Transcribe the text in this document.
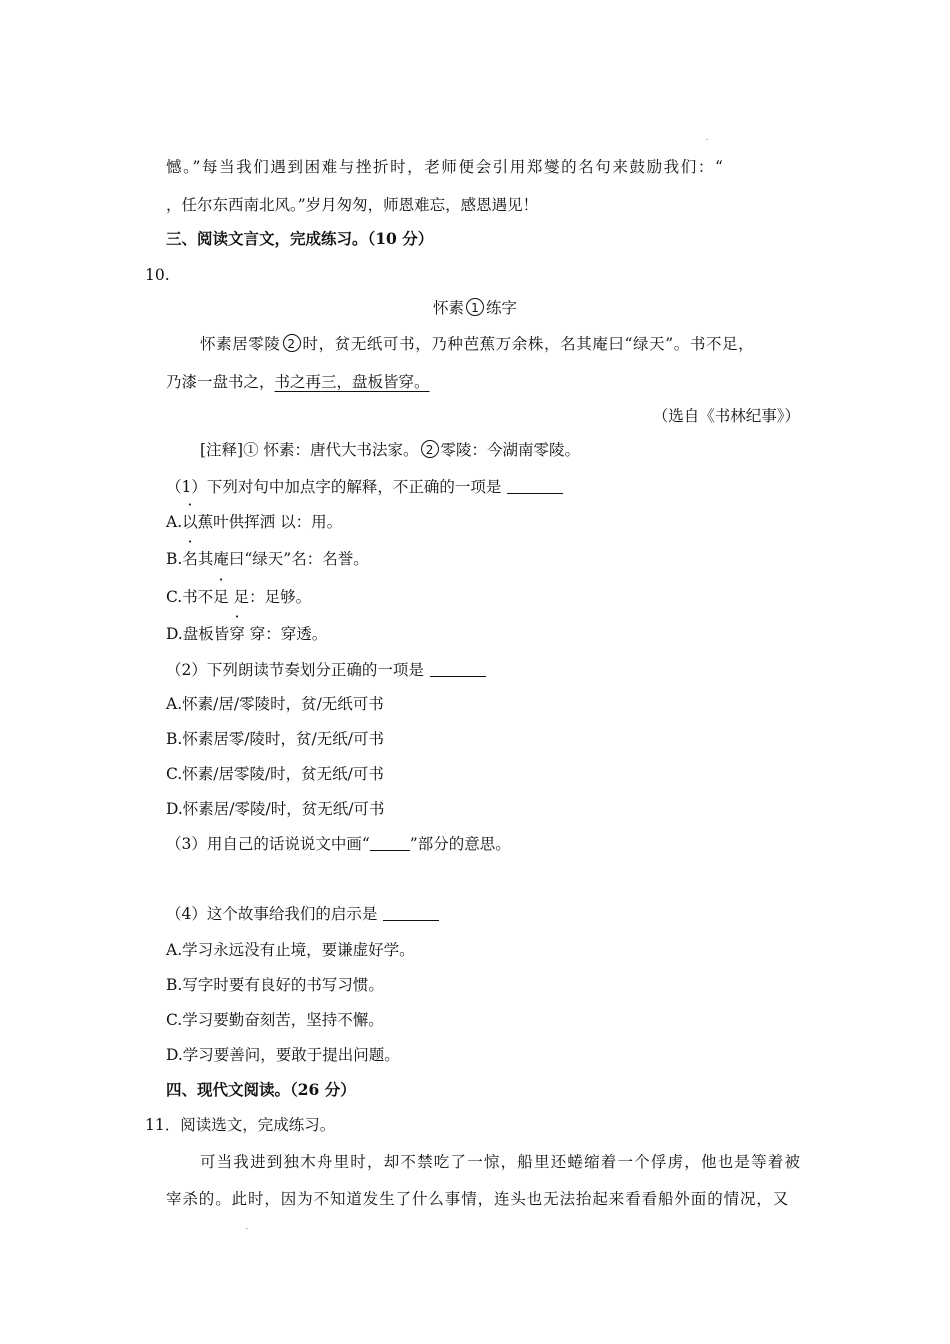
憾。”每当我们遇到困难与挫折时，老师便会引用郑燮的名句来鼓励我们：“
，任尔东西南北风。”岁月匆匆，师恩难忘，感恩遇见！
三、阅读文言文，完成练习。（10 分）
10.
怀素 1 练字
怀素居零陵 2 时，贫无纸可书，乃种芭蕉万余株，名其庵曰“绿天”。书不足，
乃漆一盘书之，书之再三，盘板皆穿。
（选自《书林纪事》）
[注释]① 怀素：唐代大书法家。 2 零陵：今湖南零陵。
（1）下列对句中加点字的解释，不正确的一项是
A.以蕉叶供挥洒 以：用。
B.名其庵曰“绿天”名：名誉。
C.书不足 足：足够。
D.盘板皆穿 穿：穿透。
（2）下列朗读节奏划分正确的一项是
A.怀素/居/零陵时，贫/无纸可书
B.怀素居零/陵时，贫/无纸/可书
C.怀素/居零陵/时，贫无纸/可书
D.怀素居/零陵/时，贫无纸/可书
（3）用自己的话说说文中画“	”部分的意思。
（4）这个故事给我们的启示是
A.学习永远没有止境，要谦虚好学。
B.写字时要有良好的书写习惯。
C.学习要勤奋刻苦，坚持不懈。
D.学习要善问，要敢于提出问题。
四、现代文阅读。（26 分）
11．阅读选文，完成练习。
可当我进到独木舟里时，却不禁吃了一惊，船里还蜷缩着一个俘虏，他也是等着被
宰杀的。此时，因为不知道发生了什么事情，连头也无法抬起来看看船外面的情况，又
